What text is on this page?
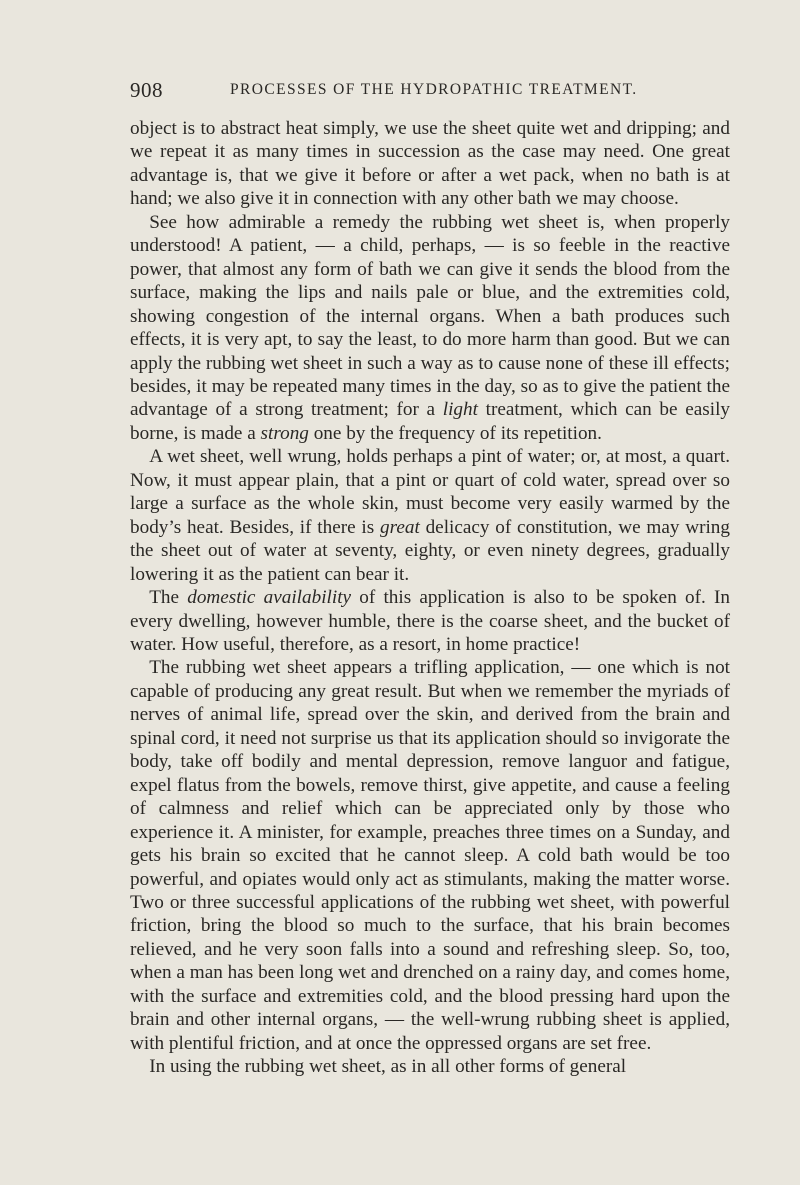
908	PROCESSES OF THE HYDROPATHIC TREATMENT.

object is to abstract heat simply, we use the sheet quite wet and dripping; and we repeat it as many times in succession as the case may need. One great advantage is, that we give it before or after a wet pack, when no bath is at hand; we also give it in connection with any other bath we may choose.

 See how admirable a remedy the rubbing wet sheet is, when properly understood! A patient, — a child, perhaps, — is so feeble in the reactive power, that almost any form of bath we can give it sends the blood from the surface, making the lips and nails pale or blue, and the extremities cold, showing congestion of the internal organs. When a bath produces such effects, it is very apt, to say the least, to do more harm than good. But we can apply the rubbing wet sheet in such a way as to cause none of these ill effects; besides, it may be repeated many times in the day, so as to give the patient the advantage of a strong treatment; for a light treatment, which can be easily borne, is made a strong one by the frequency of its repetition.

 A wet sheet, well wrung, holds perhaps a pint of water; or, at most, a quart. Now, it must appear plain, that a pint or quart of cold water, spread over so large a surface as the whole skin, must become very easily warmed by the body’s heat. Besides, if there is great delicacy of constitution, we may wring the sheet out of water at seventy, eighty, or even ninety degrees, gradually lowering it as the patient can bear it.

 The domestic availability of this application is also to be spoken of. In every dwelling, however humble, there is the coarse sheet, and the bucket of water. How useful, therefore, as a resort, in home practice!

 The rubbing wet sheet appears a trifling application, — one which is not capable of producing any great result. But when we remember the myriads of nerves of animal life, spread over the skin, and derived from the brain and spinal cord, it need not surprise us that its application should so invigorate the body, take off bodily and mental depression, remove languor and fatigue, expel flatus from the bowels, remove thirst, give appetite, and cause a feeling of calmness and relief which can be appreciated only by those who experience it. A minister, for example, preaches three times on a Sunday, and gets his brain so excited that he cannot sleep. A cold bath would be too powerful, and opiates would only act as stimulants, making the matter worse. Two or three successful applications of the rubbing wet sheet, with powerful friction, bring the blood so much to the surface, that his brain becomes relieved, and he very soon falls into a sound and refreshing sleep. So, too, when a man has been long wet and drenched on a rainy day, and comes home, with the surface and extremities cold, and the blood pressing hard upon the brain and other internal organs, — the well-wrung rubbing sheet is applied, with plentiful friction, and at once the oppressed organs are set free.

 In using the rubbing wet sheet, as in all other forms of general
